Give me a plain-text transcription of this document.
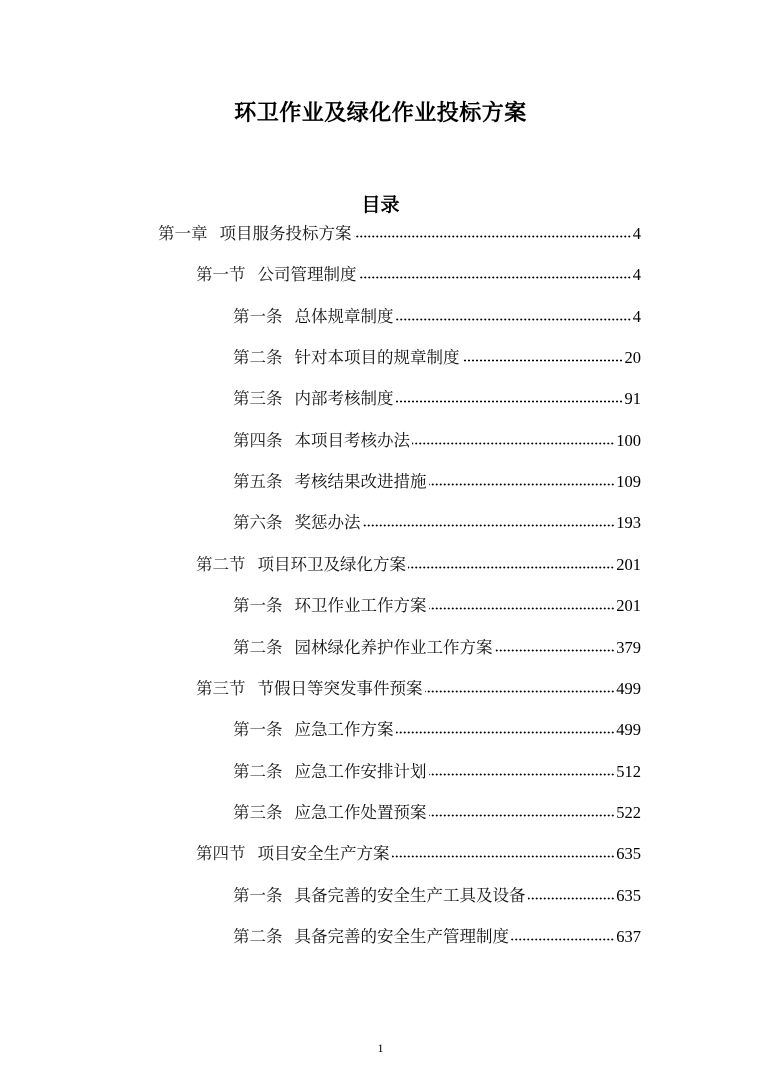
环卫作业及绿化作业投标方案
目录
第一章 项目服务投标方案	4
第一节 公司管理制度	4
第一条 总体规章制度	4
第二条 针对本项目的规章制度	20
第三条 内部考核制度	91
第四条 本项目考核办法	100
第五条 考核结果改进措施	109
第六条 奖惩办法	193
第二节 项目环卫及绿化方案	201
第一条 环卫作业工作方案	201
第二条 园林绿化养护作业工作方案	379
第三节 节假日等突发事件预案	499
第一条 应急工作方案	499
第二条 应急工作安排计划	512
第三条 应急工作处置预案	522
第四节 项目安全生产方案	635
第一条 具备完善的安全生产工具及设备	635
第二条 具备完善的安全生产管理制度	637
1
